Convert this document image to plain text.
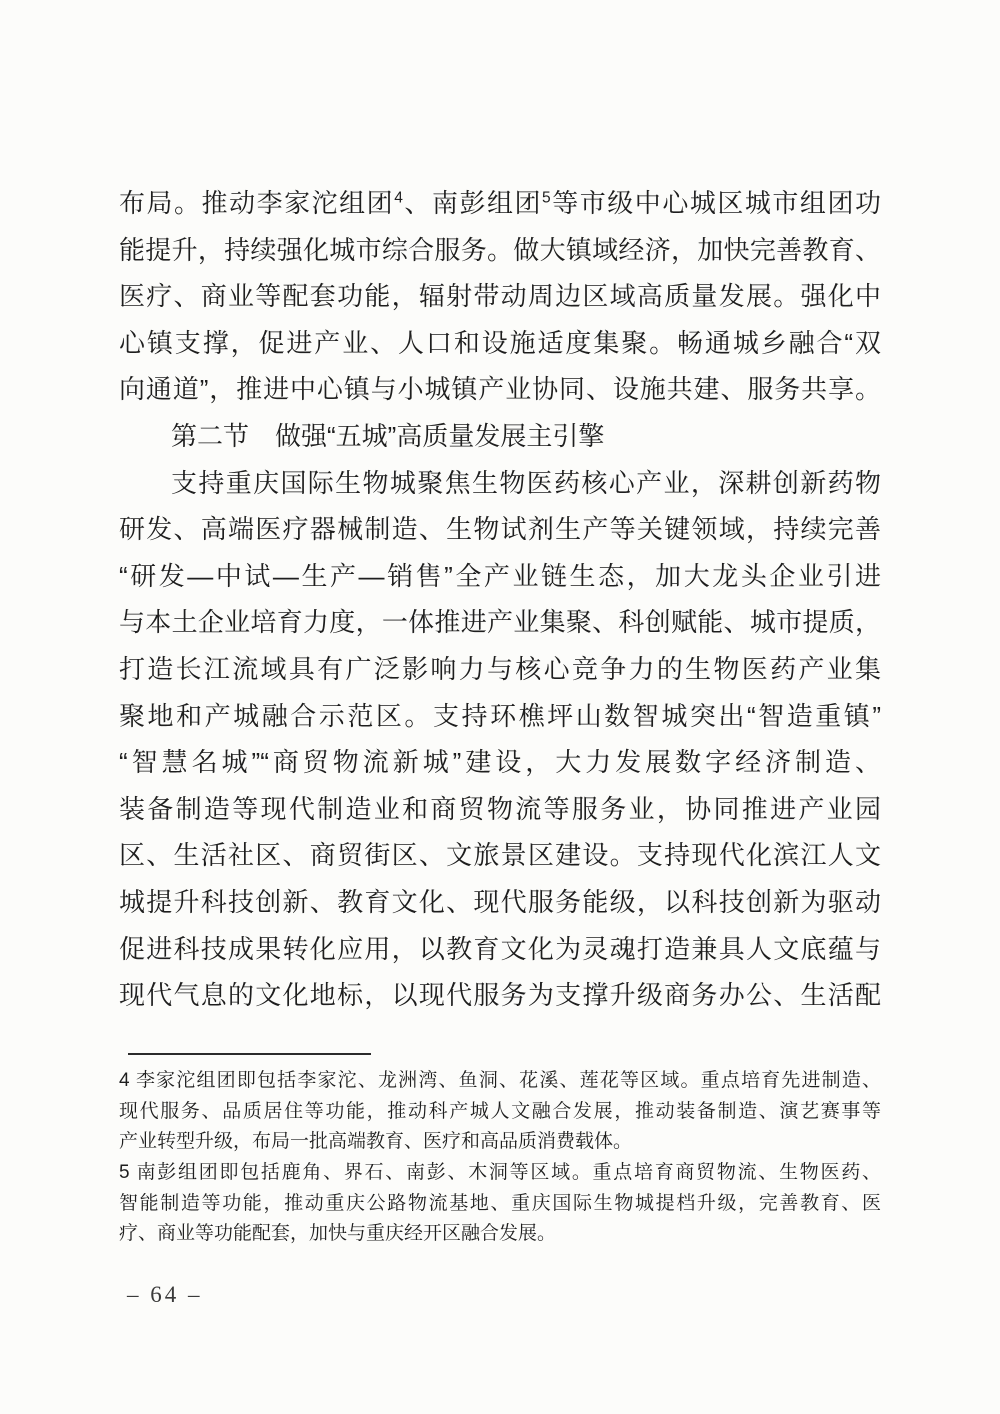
布局。推动李家沱组团$^4$、南彭组团$^5$等市级中心城区城市组团功
能提升，持续强化城市综合服务。做大镇域经济，加快完善教育、
医疗、商业等配套功能，辐射带动周边区域高质量发展。强化中
心镇支撑，促进产业、人口和设施适度集聚。畅通城乡融合“双
向通道”，推进中心镇与小城镇产业协同、设施共建、服务共享。
第二节　做强“五城”高质量发展主引擎
支持重庆国际生物城聚焦生物医药核心产业，深耕创新药物
研发、高端医疗器械制造、生物试剂生产等关键领域，持续完善
“研发—中试—生产—销售”全产业链生态，加大龙头企业引进
与本土企业培育力度，一体推进产业集聚、科创赋能、城市提质，
打造长江流域具有广泛影响力与核心竞争力的生物医药产业集
聚地和产城融合示范区。支持环樵坪山数智城突出“智造重镇”
“智慧名城”“商贸物流新城”建设，大力发展数字经济制造、
装备制造等现代制造业和商贸物流等服务业，协同推进产业园
区、生活社区、商贸街区、文旅景区建设。支持现代化滨江人文
城提升科技创新、教育文化、现代服务能级，以科技创新为驱动
促进科技成果转化应用，以教育文化为灵魂打造兼具人文底蕴与
现代气息的文化地标，以现代服务为支撑升级商务办公、生活配
4 李家沱组团即包括李家沱、龙洲湾、鱼洞、花溪、莲花等区域。重点培育先进制造、
现代服务、品质居住等功能，推动科产城人文融合发展，推动装备制造、演艺赛事等
产业转型升级，布局一批高端教育、医疗和高品质消费载体。
5 南彭组团即包括鹿角、界石、南彭、木洞等区域。重点培育商贸物流、生物医药、
智能制造等功能，推动重庆公路物流基地、重庆国际生物城提档升级，完善教育、医
疗、商业等功能配套，加快与重庆经开区融合发展。
– 64 –
